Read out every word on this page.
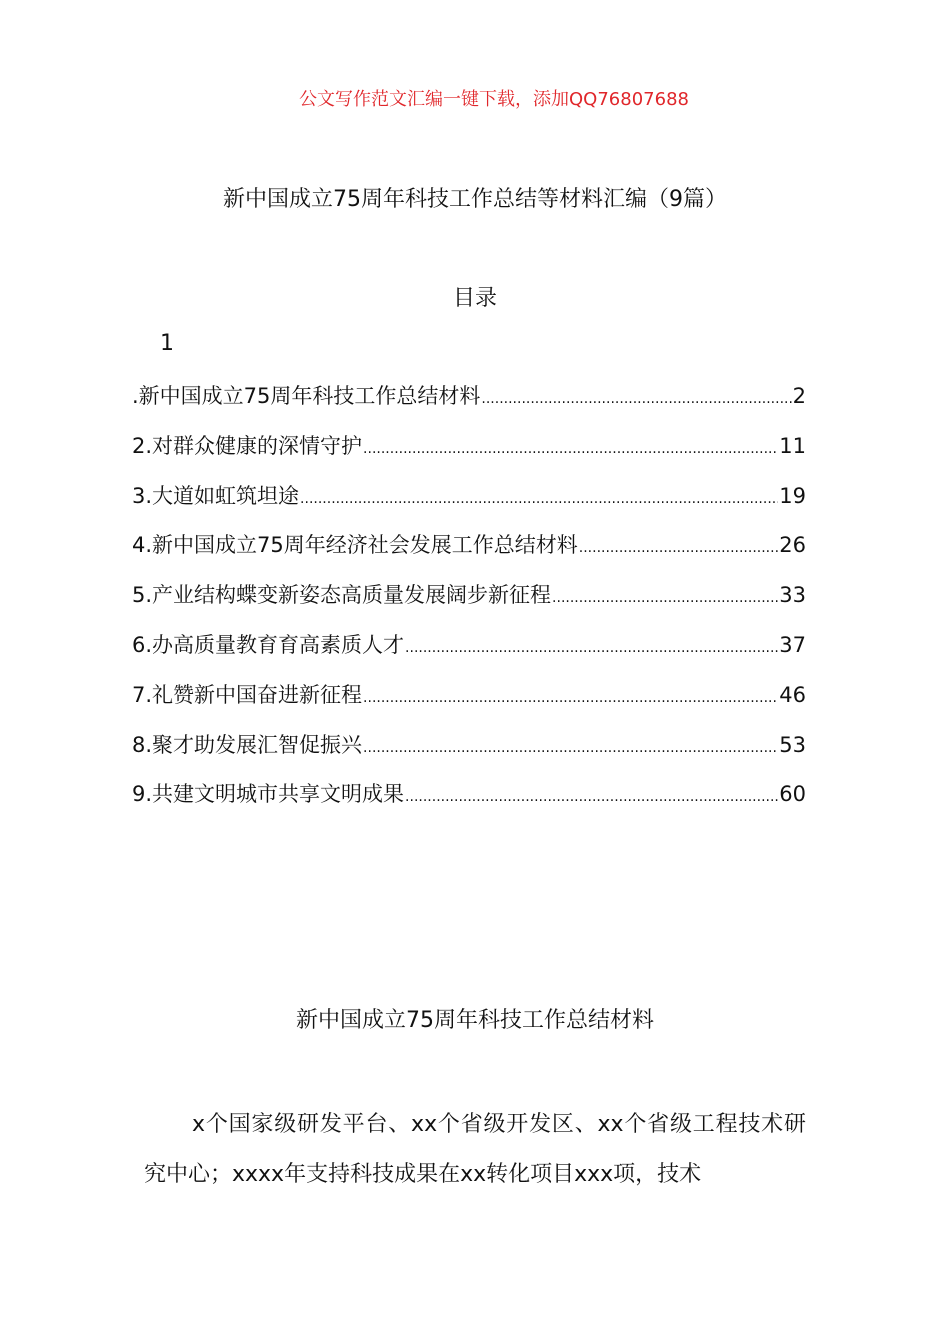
公文写作范文汇编一键下载，添加QQ76807688
新中国成立75周年科技工作总结等材料汇编（9篇）
目录
1
.新中国成立75周年科技工作总结材料 .....	2
2.对群众健康的深情守护 .....	11
3.大道如虹筑坦途 .....	19
4.新中国成立75周年经济社会发展工作总结材料 .....	26
5.产业结构蝶变新姿态高质量发展阔步新征程 .....	33
6.办高质量教育育高素质人才 .....	37
7.礼赞新中国奋进新征程 .....	46
8.聚才助发展汇智促振兴 .....	53
9.共建文明城市共享文明成果 .....	60
新中国成立75周年科技工作总结材料
x个国家级研发平台、xx个省级开发区、xx个省级工程技术研究中心；xxxx年支持科技成果在xx转化项目xxx项，技术
